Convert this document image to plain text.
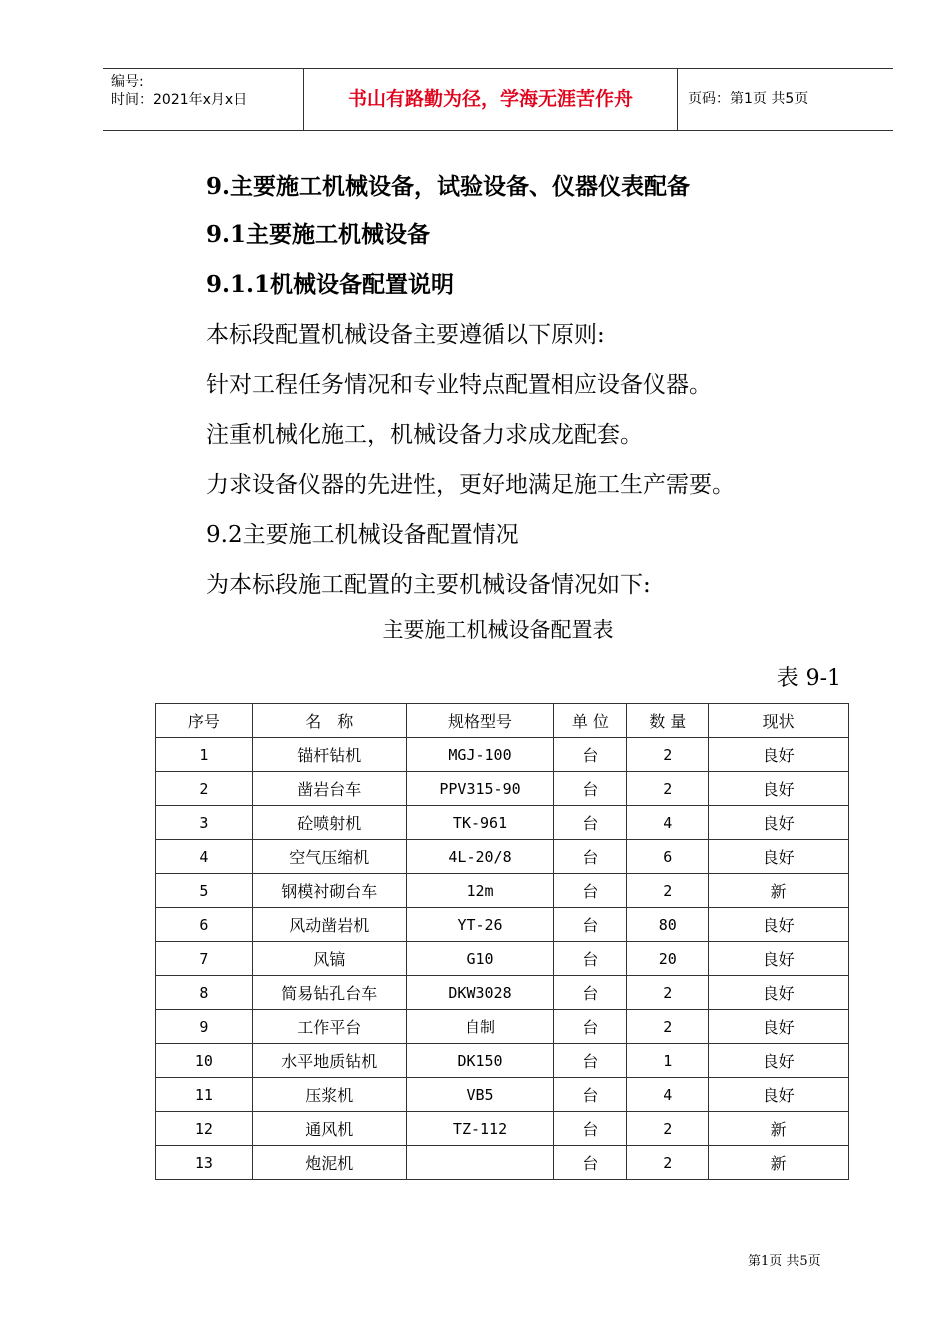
编号:
时间：2021年x月x日	书山有路勤为径，学海无涯苦作舟	页码：第1页 共5页
9.主要施工机械设备，试验设备、仪器仪表配备
9.1主要施工机械设备
9.1.1机械设备配置说明
本标段配置机械设备主要遵循以下原则:
针对工程任务情况和专业特点配置相应设备仪器。
注重机械化施工，机械设备力求成龙配套。
力求设备仪器的先进性，更好地满足施工生产需要。
9.2主要施工机械设备配置情况
为本标段施工配置的主要机械设备情况如下:
主要施工机械设备配置表
表 9-1
序号	名　称	规格型号	单 位	数 量	现状
1	锚杆钻机	MGJ-100	台	2	良好
2	凿岩台车	PPV315-90	台	2	良好
3	砼喷射机	TK-961	台	4	良好
4	空气压缩机	4L-20/8	台	6	良好
5	钢模衬砌台车	12m	台	2	新
6	风动凿岩机	YT-26	台	80	良好
7	风镐	G10	台	20	良好
8	简易钻孔台车	DKW3028	台	2	良好
9	工作平台	自制	台	2	良好
10	水平地质钻机	DK150	台	1	良好
11	压浆机	VB5	台	4	良好
12	通风机	TZ-112	台	2	新
13	炮泥机		台	2	新
第1页 共5页
